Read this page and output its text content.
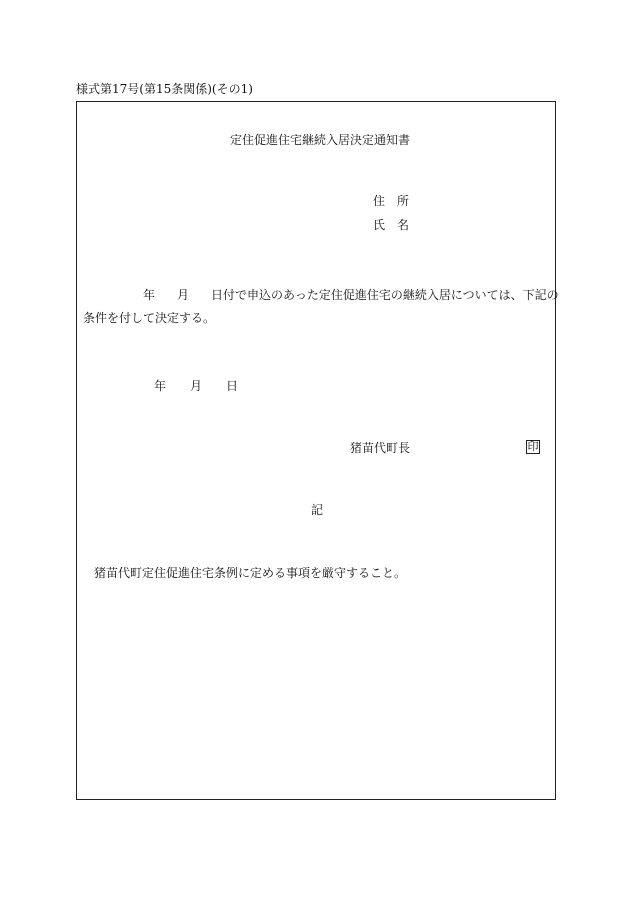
様式第17号(第15条関係)(その1)
定住促進住宅継続入居決定通知書
住　所
氏　名
年 月 日付で申込のあった定住促進住宅の継続入居については、下記の
条件を付して決定する。
年 月 日
猪苗代町長	印
記
猪苗代町定住促進住宅条例に定める事項を厳守すること。
